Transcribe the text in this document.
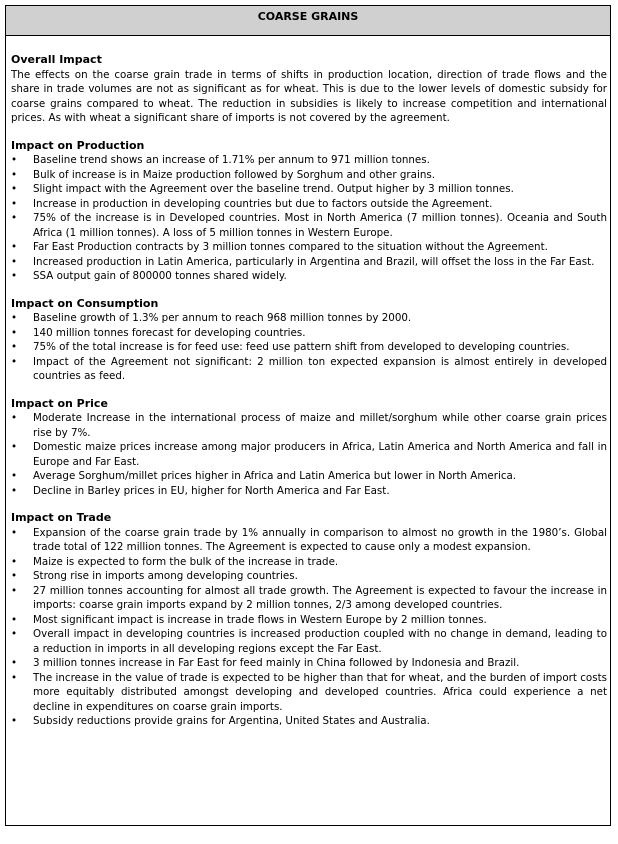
COARSE GRAINS
Overall Impact

The effects on the coarse grain trade in terms of shifts in production location, direction of trade flows and the share in trade volumes are not as significant as for wheat. This is due to the lower levels of domestic subsidy for coarse grains compared to wheat. The reduction in subsidies is likely to increase competition and international prices. As with wheat a significant share of imports is not covered by the agreement.

Impact on Production
• Baseline trend shows an increase of 1.71% per annum to 971 million tonnes.
• Bulk of increase is in Maize production followed by Sorghum and other grains.
• Slight impact with the Agreement over the baseline trend. Output higher by 3 million tonnes.
• Increase in production in developing countries but due to factors outside the Agreement.
• 75% of the increase is in Developed countries. Most in North America (7 million tonnes). Oceania and South Africa (1 million tonnes). A loss of 5 million tonnes in Western Europe.
• Far East Production contracts by 3 million tonnes compared to the situation without the Agreement.
• Increased production in Latin America, particularly in Argentina and Brazil, will offset the loss in the Far East.
• SSA output gain of 800000 tonnes shared widely.
Impact on Consumption
• Baseline growth of 1.3% per annum to reach 968 million tonnes by 2000.
• 140 million tonnes forecast for developing countries.
• 75% of the total increase is for feed use: feed use pattern shift from developed to developing countries.
• Impact of the Agreement not significant: 2 million ton expected expansion is almost entirely in developed countries as feed.
Impact on Price
• Moderate Increase in the international process of maize and millet/sorghum while other coarse grain prices rise by 7%.
• Domestic maize prices increase among major producers in Africa, Latin America and North America and fall in Europe and Far East.
• Average Sorghum/millet prices higher in Africa and Latin America but lower in North America.
• Decline in Barley prices in EU, higher for North America and Far East.
Impact on Trade
• Expansion of the coarse grain trade by 1% annually in comparison to almost no growth in the 1980’s. Global trade total of 122 million tonnes. The Agreement is expected to cause only a modest expansion.
• Maize is expected to form the bulk of the increase in trade.
• Strong rise in imports among developing countries.
• 27 million tonnes accounting for almost all trade growth. The Agreement is expected to favour the increase in imports: coarse grain imports expand by 2 million tonnes, 2/3 among developed countries.
• Most significant impact is increase in trade flows in Western Europe by 2 million tonnes.
• Overall impact in developing countries is increased production coupled with no change in demand, leading to a reduction in imports in all developing regions except the Far East.
• 3 million tonnes increase in Far East for feed mainly in China followed by Indonesia and Brazil.
• The increase in the value of trade is expected to be higher than that for wheat, and the burden of import costs more equitably distributed amongst developing and developed countries. Africa could experience a net decline in expenditures on coarse grain imports.
• Subsidy reductions provide grains for Argentina, United States and Australia.
